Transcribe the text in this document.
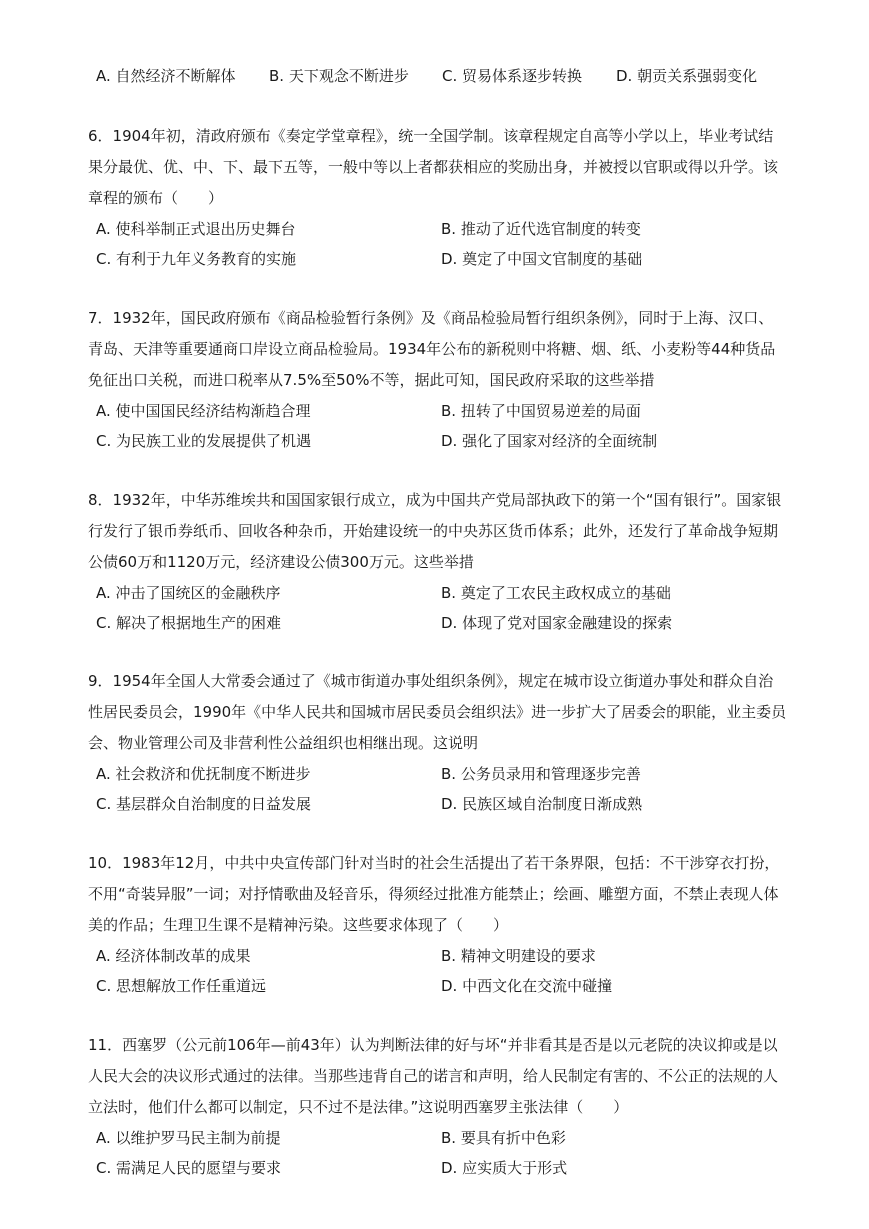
A. 自然经济不断解体	B. 天下观念不断进步	C. 贸易体系逐步转换	D. 朝贡关系强弱变化

6．1904年初，清政府颁布《奏定学堂章程》，统一全国学制。该章程规定自高等小学以上，毕业考试结果分最优、优、中、下、最下五等，一般中等以上者都获相应的奖励出身，并被授以官职或得以升学。该章程的颁布（　　）

A. 使科举制正式退出历史舞台	B. 推动了近代选官制度的转变
C. 有利于九年义务教育的实施	D. 奠定了中国文官制度的基础

7．1932年，国民政府颁布《商品检验暂行条例》及《商品检验局暂行组织条例》，同时于上海、汉口、青岛、天津等重要通商口岸设立商品检验局。1934年公布的新税则中将糖、烟、纸、小麦粉等44种货品免征出口关税，而进口税率从7.5%至50%不等，据此可知，国民政府采取的这些举措

A. 使中国国民经济结构渐趋合理	B. 扭转了中国贸易逆差的局面
C. 为民族工业的发展提供了机遇	D. 强化了国家对经济的全面统制

8．1932年，中华苏维埃共和国国家银行成立，成为中国共产党局部执政下的第一个“国有银行”。国家银行发行了银币券纸币、回收各种杂币，开始建设统一的中央苏区货币体系；此外，还发行了革命战争短期公债60万和1120万元，经济建设公债300万元。这些举措

A. 冲击了国统区的金融秩序	B. 奠定了工农民主政权成立的基础
C. 解决了根据地生产的困难	D. 体现了党对国家金融建设的探索

9．1954年全国人大常委会通过了《城市街道办事处组织条例》，规定在城市设立街道办事处和群众自治性居民委员会，1990年《中华人民共和国城市居民委员会组织法》进一步扩大了居委会的职能，业主委员会、物业管理公司及非营利性公益组织也相继出现。这说明

A. 社会救济和优抚制度不断进步	B. 公务员录用和管理逐步完善
C. 基层群众自治制度的日益发展	D. 民族区域自治制度日渐成熟

10．1983年12月，中共中央宣传部门针对当时的社会生活提出了若干条界限，包括：不干涉穿衣打扮，不用“奇装异服”一词；对抒情歌曲及轻音乐，得须经过批准方能禁止；绘画、雕塑方面，不禁止表现人体美的作品；生理卫生课不是精神污染。这些要求体现了（　　）

A. 经济体制改革的成果	B. 精神文明建设的要求
C. 思想解放工作任重道远	D. 中西文化在交流中碰撞

11．西塞罗（公元前106年—前43年）认为判断法律的好与坏“并非看其是否是以元老院的决议抑或是以人民大会的决议形式通过的法律。当那些违背自己的诺言和声明，给人民制定有害的、不公正的法规的人立法时，他们什么都可以制定，只不过不是法律。”这说明西塞罗主张法律（　　）

A. 以维护罗马民主制为前提	B. 要具有折中色彩
C. 需满足人民的愿望与要求	D. 应实质大于形式
